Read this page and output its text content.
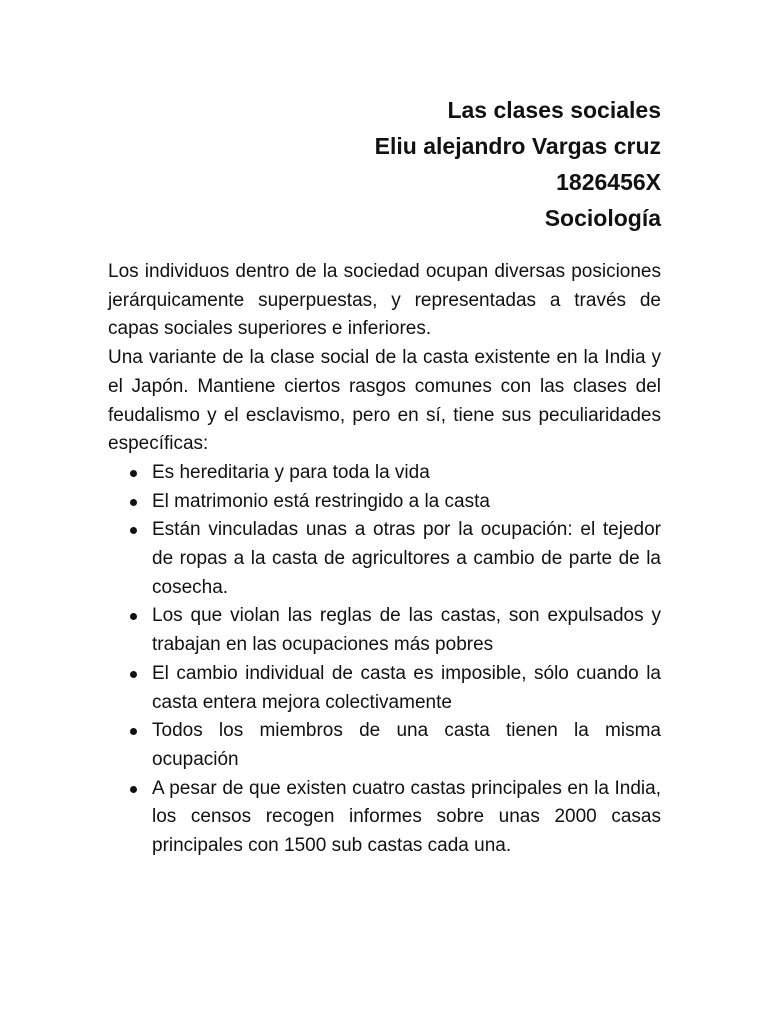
Las clases sociales
Eliu alejandro Vargas cruz
1826456X
Sociología

Los individuos dentro de la sociedad ocupan diversas posiciones jerárquicamente superpuestas, y representadas a través de capas sociales superiores e inferiores.

Una variante de la clase social de la casta existente en la India y el Japón. Mantiene ciertos rasgos comunes con las clases del feudalismo y el esclavismo, pero en sí, tiene sus peculiaridades específicas:

Es hereditaria y para toda la vida
El matrimonio está restringido a la casta
Están vinculadas unas a otras por la ocupación: el tejedor de ropas a la casta de agricultores a cambio de parte de la cosecha.
Los que violan las reglas de las castas, son expulsados y trabajan en las ocupaciones más pobres
El cambio individual de casta es imposible, sólo cuando la casta entera mejora colectivamente
Todos los miembros de una casta tienen la misma ocupación
A pesar de que existen cuatro castas principales en la India, los censos recogen informes sobre unas 2000 casas principales con 1500 sub castas cada una.
